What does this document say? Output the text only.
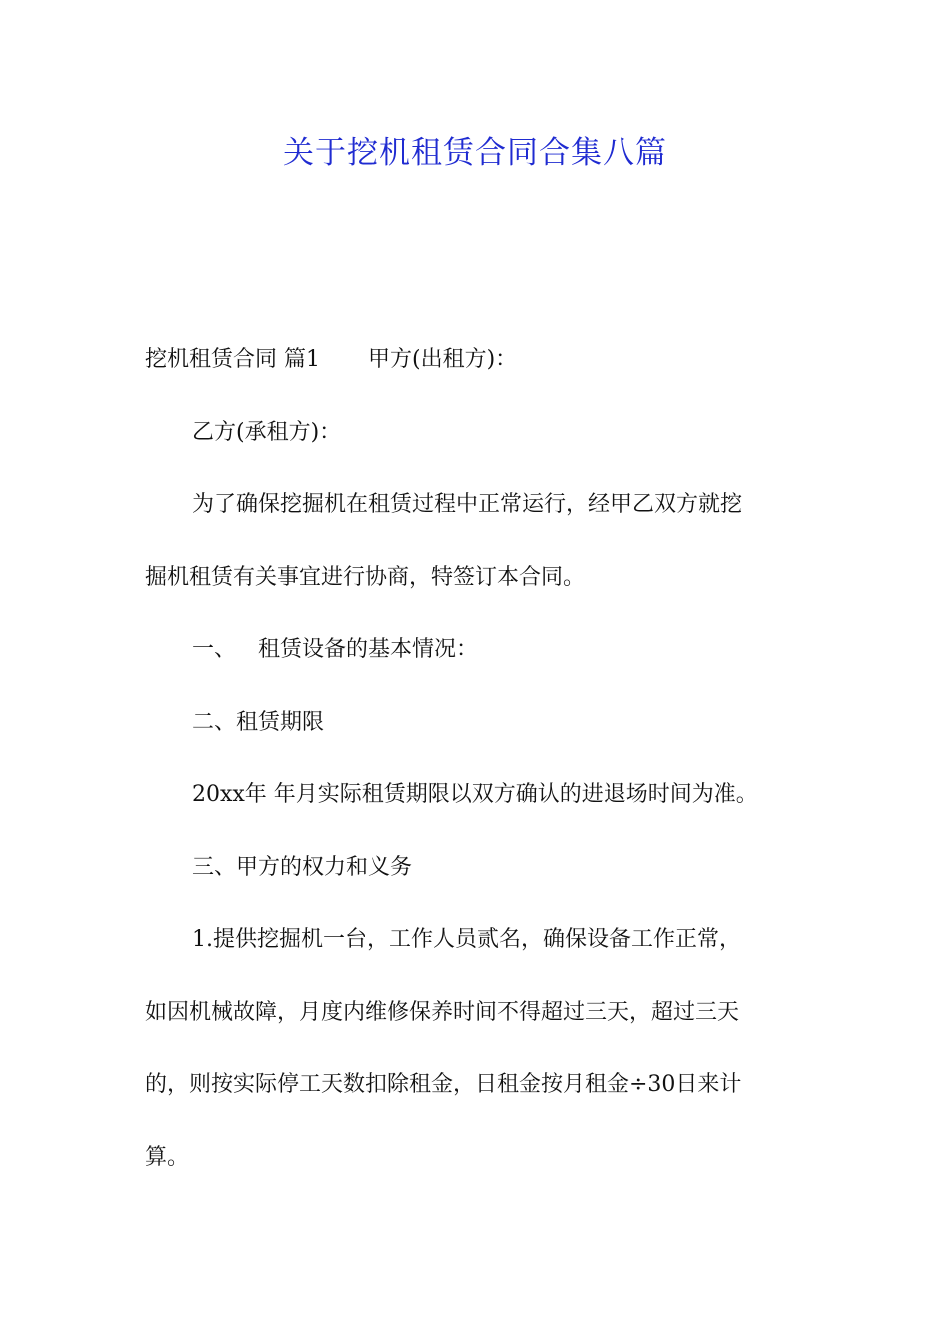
关于挖机租赁合同合集八篇

挖机租赁合同 篇1 甲方(出租方)：

乙方(承租方)：

为了确保挖掘机在租赁过程中正常运行，经甲乙双方就挖

掘机租赁有关事宜进行协商，特签订本合同。

一、 租赁设备的基本情况：

二、租赁期限

20xx年 年月实际租赁期限以双方确认的进退场时间为准。

三、甲方的权力和义务

1.提供挖掘机一台，工作人员贰名，确保设备工作正常，

如因机械故障，月度内维修保养时间不得超过三天，超过三天

的，则按实际停工天数扣除租金，日租金按月租金÷30日来计

算。
